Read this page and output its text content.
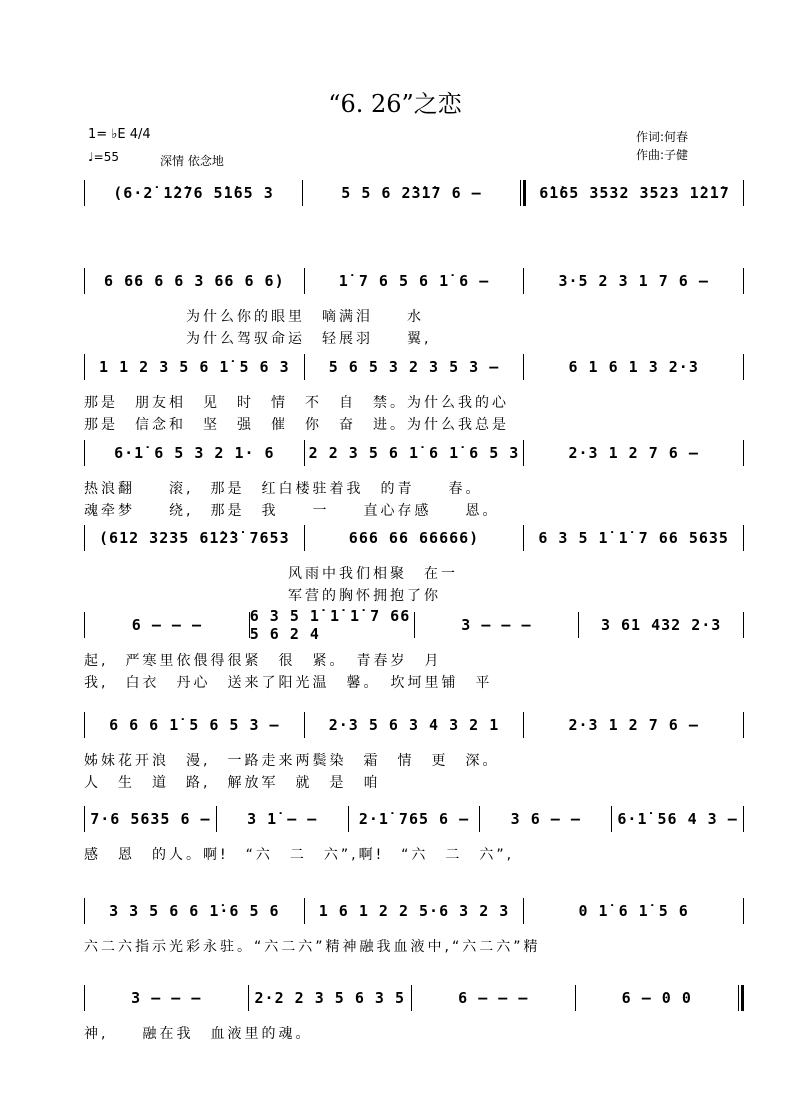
“6. 26”之恋
1= ♭E 4/4
♩=55	深情 依念地
作词:何春
作曲:子健
(6·2̇ 1̇2̇76 5̇1̇65 3	5 5 6 2̇3̇1̇7 6 –	6̇1̇65 3532 3523 1̇2̇1̇7
6 66 6 6 3 66 6 6)	1̇ 7 6 5 6 1̇ 6 –	3·5 2 3 1 7 6 –
　　　　　　为什么你的眼里　嘀满泪　　水
　　　　　　为什么驾驭命运　轻展羽　　翼,
1 1 2 3 5 6 1̇ 5 6 3	5 6 5 3 2 3 5 3 –	6 1 6 1 3 2·3
那是　朋友相　见　时　情　不　自　禁。为什么我的心
那是　信念和　坚　强　催　你　奋　进。为什么我总是
6·1̇ 6 5 3 2 1· 6	2 2 3 5 6 1̇ 6 1̇ 6 5 3	2·3 1 2 7 6 –
热浪翻　　滚,　那是　红白楼驻着我　的青　　春。
魂牵梦　　绕,　那是　我　　一　　直心存感　　恩。
(612 3235 61̇2̇3̇ 7653	666 66 66666)	6 3 5 1̇ 1̇ 7 66 5635
　　　　　　　　　　　　风雨中我们相聚　在一
　　　　　　　　　　　　军营的胸怀拥抱了你
6 – – –	6 3 5 1̇ 1̇ 1̇ 7 66 5 6 2 4	3 – – –	3 61 432 2·3
起,　严寒里依偎得很紧　很　紧。　青春岁　月
我,　白衣　丹心　送来了阳光温　馨。　坎坷里铺　平
6 6 6 1̇ 5 6 5 3 –	2·3 5 6 3 4 3 2 1	2·3 1 2 7 6 –
姊妹花开浪　漫,　一路走来两鬓染　霜　情　更　深。
人　生　道　路,　解放军　就　是　咱
7·6 5635 6 –	3 1̇ – –	2·1̇ 765 6 –	3 6 – –	6·1̇ 56 4 3 –
感　恩　的人。啊!　“六　二　六”,啊!　“六　二　六”,
3 3 5 6 6 1̇·6 5 6	1 6 1 2 2 5·6 3 2 3	0 1̇ 6 1̇ 5 6
六二六指示光彩永驻。“六二六”精神融我血液中,“六二六”精
3 – – –	2·2 2 3 5 6 3 5	6 – – –	6 – 0 0
神,　　融在我　血液里的魂。
